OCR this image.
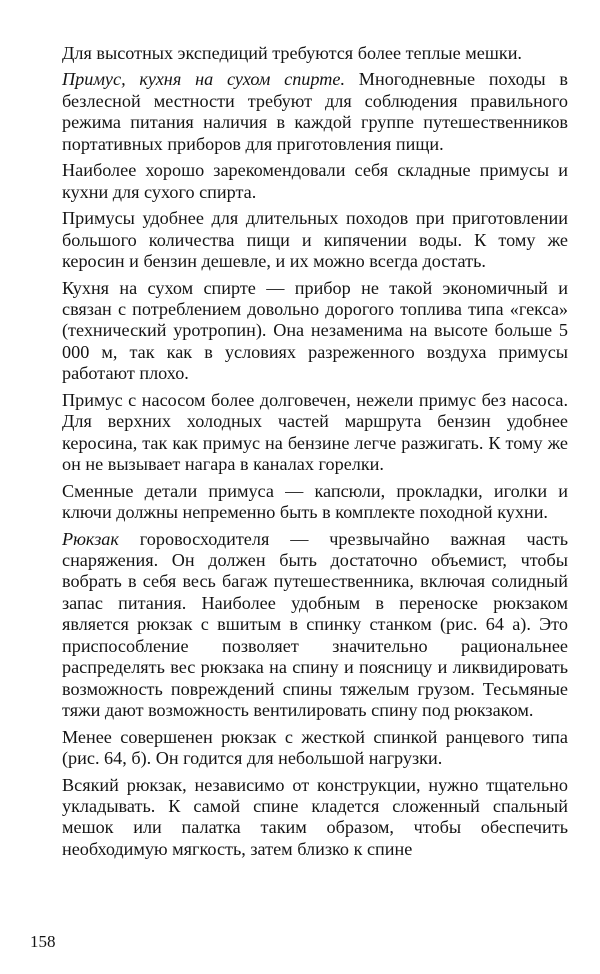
Для высотных экспедиций требуются более теплые мешки.

Примус, кухня на сухом спирте. Многодневные походы в безлесной местности требуют для соблюдения правильного режима питания наличия в каждой группе путешественников портативных приборов для приготовления пищи.

Наиболее хорошо зарекомендовали себя складные примусы и кухни для сухого спирта.

Примусы удобнее для длительных походов при приготовлении большого количества пищи и кипячении воды. К тому же керосин и бензин дешевле, и их можно всегда достать.

Кухня на сухом спирте — прибор не такой экономичный и связан с потреблением довольно дорогого топлива типа «гекса» (технический уротропин). Она незаменима на высоте больше 5 000 м, так как в условиях разреженного воздуха примусы работают плохо.

Примус с насосом более долговечен, нежели примус без насоса. Для верхних холодных частей маршрута бензин удобнее керосина, так как примус на бензине легче разжигать. К тому же он не вызывает нагара в каналах горелки.

Сменные детали примуса — капсюли, прокладки, иголки и ключи должны непременно быть в комплекте походной кухни.

Рюкзак горовосходителя — чрезвычайно важная часть снаряжения. Он должен быть достаточно объемист, чтобы вобрать в себя весь багаж путешественника, включая солидный запас питания. Наиболее удобным в переноске рюкзаком является рюкзак с вшитым в спинку станком (рис. 64 а). Это приспособление позволяет значительно рациональнее распределять вес рюкзака на спину и поясницу и ликвидировать возможность повреждений спины тяжелым грузом. Тесьмяные тяжи дают возможность вентилировать спину под рюкзаком.

Менее совершенен рюкзак с жесткой спинкой ранцевого типа (рис. 64, б). Он годится для небольшой нагрузки.

Всякий рюкзак, независимо от конструкции, нужно тщательно укладывать. К самой спине кладется сложенный спальный мешок или палатка таким образом, чтобы обеспечить необходимую мягкость, затем близко к спине

158
